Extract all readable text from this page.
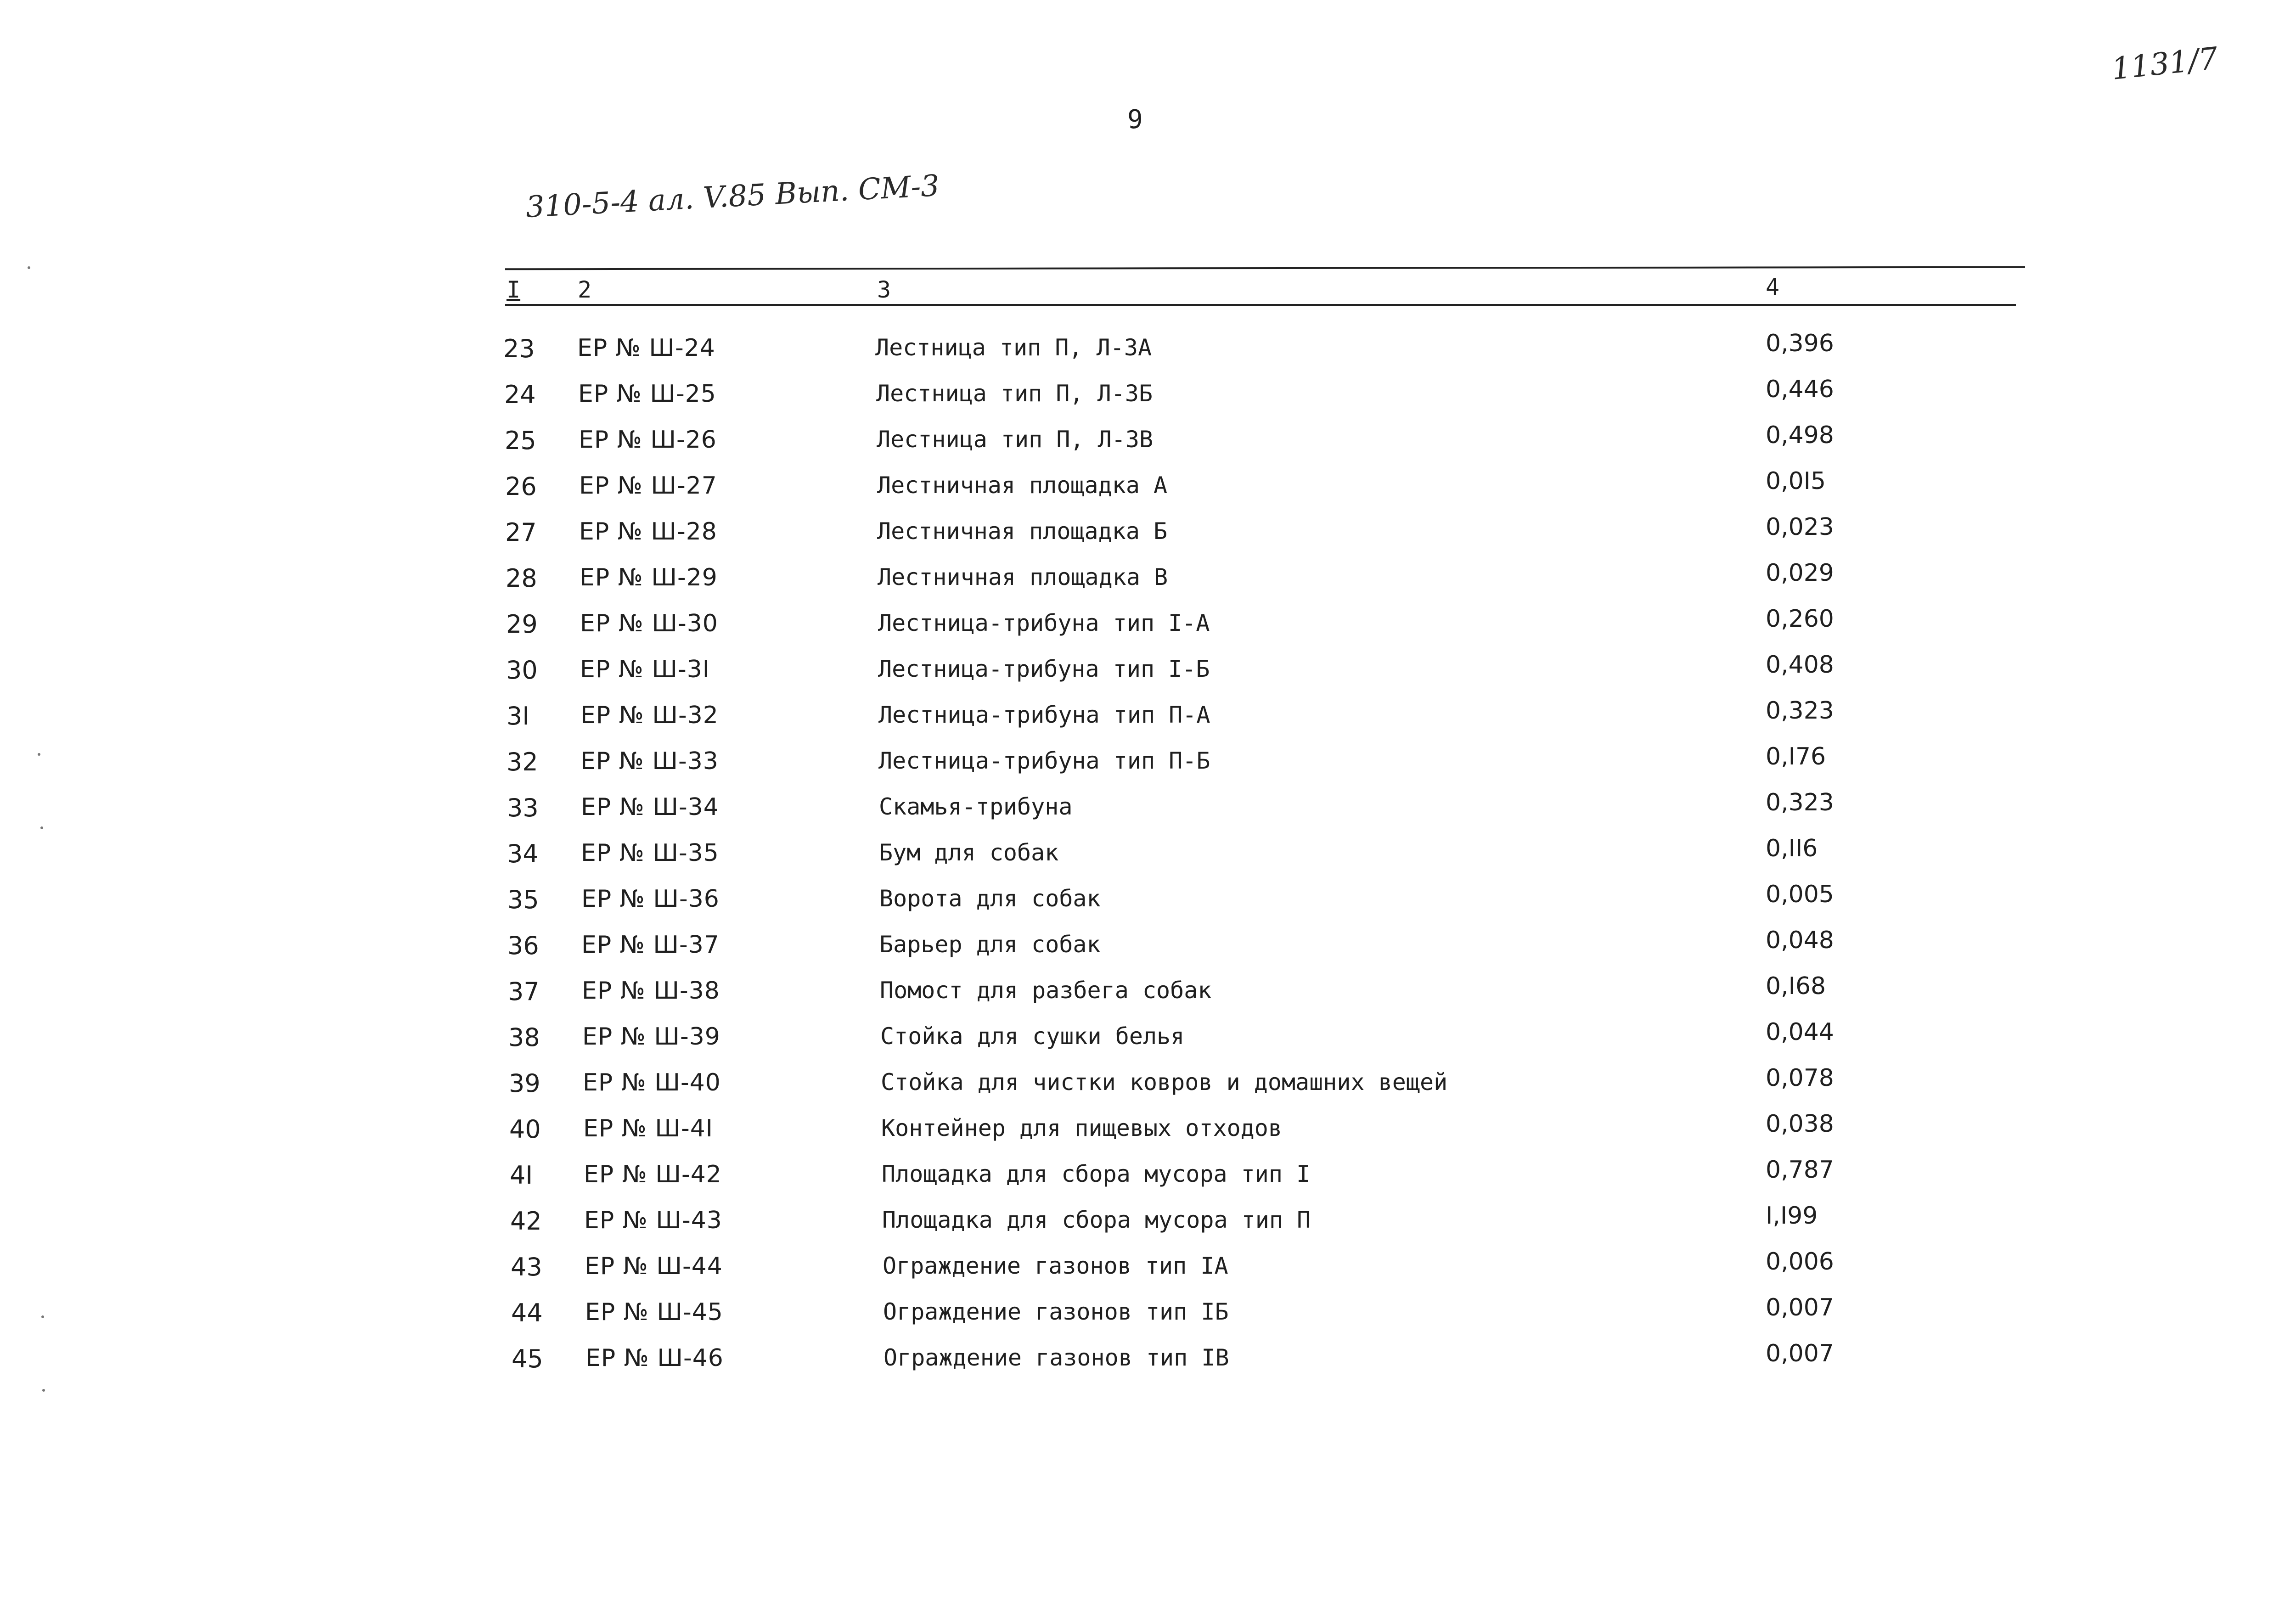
1131/7
9
310-5-4 ал. V.85 Вып. СМ-3
I 2	3	4
23 ЕР № Ш-24	Лестница тип П, Л-3А	0,396
24 ЕР № Ш-25	Лестница тип П, Л-3Б	0,446
25 ЕР № Ш-26	Лестница тип П, Л-3В	0,498
26 ЕР № Ш-27	Лестничная площадка А	0,0I5
27 ЕР № Ш-28	Лестничная площадка Б	0,023
28 ЕР № Ш-29	Лестничная площадка В	0,029
29 ЕР № Ш-30	Лестница-трибуна тип I-А	0,260
30 ЕР № Ш-3I	Лестница-трибуна тип I-Б	0,408
3I ЕР № Ш-32	Лестница-трибуна тип П-А	0,323
32 ЕР № Ш-33	Лестница-трибуна тип П-Б	0,I76
33 ЕР № Ш-34	Скамья-трибуна	0,323
34 ЕР № Ш-35	Бум для собак	0,II6
35 ЕР № Ш-36	Ворота для собак	0,005
36 ЕР № Ш-37	Барьер для собак	0,048
37 ЕР № Ш-38	Помост для разбега собак	0,I68
38 ЕР № Ш-39	Стойка для сушки белья	0,044
39 ЕР № Ш-40	Стойка для чистки ковров и домашних вещей	0,078
40 ЕР № Ш-4I	Контейнер для пищевых отходов	0,038
4I ЕР № Ш-42	Площадка для сбора мусора тип I	0,787
42 ЕР № Ш-43	Площадка для сбора мусора тип П	I,I99
43 ЕР № Ш-44	Ограждение газонов тип IА	0,006
44 ЕР № Ш-45	Ограждение газонов тип IБ	0,007
45 ЕР № Ш-46	Ограждение газонов тип IВ	0,007
